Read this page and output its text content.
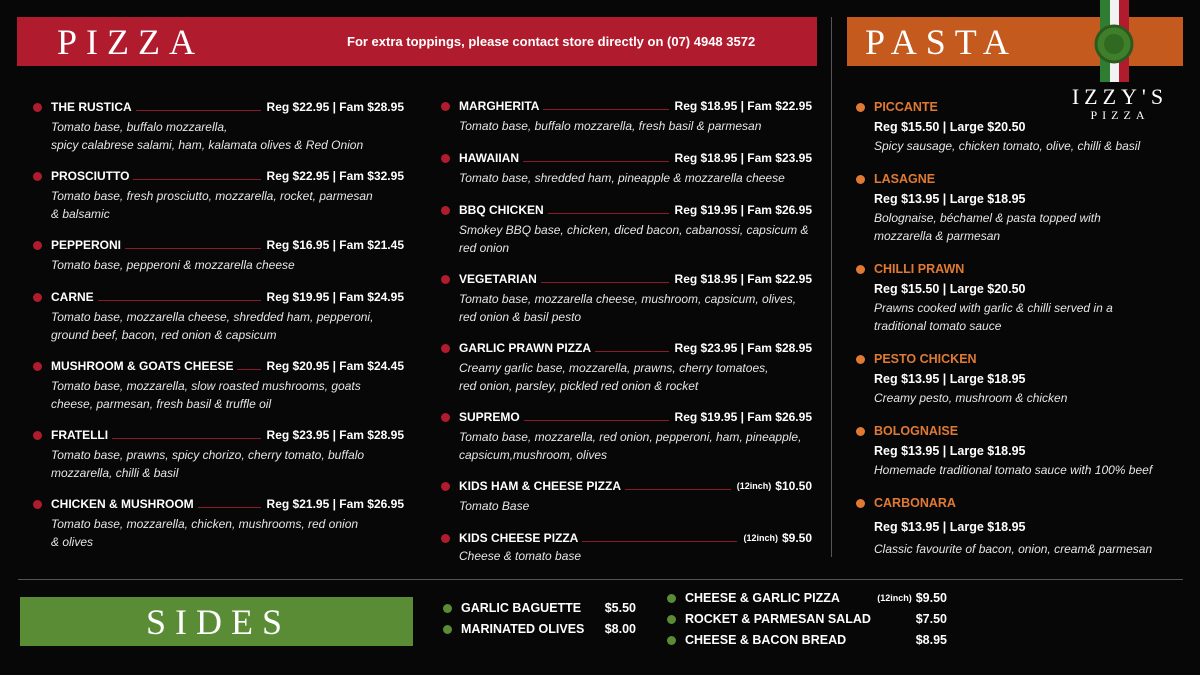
PIZZA	For extra toppings, please contact store directly on (07) 4948 3572	PASTA
IZZY'S
PIZZA
THE RUSTICA	Reg $22.95 | Fam $28.95
Tomato base, buffalo mozzarella,
spicy calabrese salami, ham, kalamata olives & Red Onion
PROSCIUTTO	Reg $22.95 | Fam $32.95
Tomato base, fresh prosciutto, mozzarella, rocket, parmesan
& balsamic
PEPPERONI	Reg $16.95 | Fam $21.45
Tomato base, pepperoni & mozzarella cheese
CARNE	Reg $19.95 | Fam $24.95
Tomato base, mozzarella cheese, shredded ham, pepperoni,
ground beef, bacon, red onion & capsicum
MUSHROOM & GOATS CHEESE	Reg $20.95 | Fam $24.45
Tomato base, mozzarella, slow roasted mushrooms, goats
cheese, parmesan, fresh basil & truffle oil
FRATELLI	Reg $23.95 | Fam $28.95
Tomato base, prawns, spicy chorizo, cherry tomato, buffalo
mozzarella, chilli & basil
CHICKEN & MUSHROOM	Reg $21.95 | Fam $26.95
Tomato base, mozzarella, chicken, mushrooms, red onion
& olives
MARGHERITA	Reg $18.95 | Fam $22.95
Tomato base, buffalo mozzarella, fresh basil & parmesan
HAWAIIAN	Reg $18.95 | Fam $23.95
Tomato base, shredded ham, pineapple & mozzarella cheese
BBQ CHICKEN	Reg $19.95 | Fam $26.95
Smokey BBQ base, chicken, diced bacon, cabanossi, capsicum &
red onion
VEGETARIAN	Reg $18.95 | Fam $22.95
Tomato base, mozzarella cheese, mushroom, capsicum, olives,
red onion & basil pesto
GARLIC PRAWN PIZZA	Reg $23.95 | Fam $28.95
Creamy garlic base, mozzarella, prawns, cherry tomatoes,
red onion, parsley, pickled red onion & rocket
SUPREMO	Reg $19.95 | Fam $26.95
Tomato base, mozzarella, red onion, pepperoni, ham, pineapple,
capsicum,mushroom, olives
KIDS HAM & CHEESE PIZZA	(12inch) $10.50
Tomato Base
KIDS CHEESE PIZZA	(12inch) $9.50
Cheese & tomato base
PICCANTE
Reg $15.50 | Large $20.50
Spicy sausage, chicken tomato, olive, chilli & basil
LASAGNE
Reg $13.95 | Large $18.95
Bolognaise, béchamel & pasta topped with
mozzarella & parmesan
CHILLI PRAWN
Reg $15.50 | Large $20.50
Prawns cooked with garlic & chilli served in a
traditional tomato sauce
PESTO CHICKEN
Reg $13.95 | Large $18.95
Creamy pesto, mushroom & chicken
BOLOGNAISE
Reg $13.95 | Large $18.95
Homemade traditional tomato sauce with 100% beef
CARBONARA
Reg $13.95 | Large $18.95
Classic favourite of bacon, onion, cream& parmesan
SIDES	GARLIC BAGUETTE $5.50
MARINATED OLIVES $8.00
CHEESE & GARLIC PIZZA	(12inch) $9.50
ROCKET & PARMESAN SALAD	$7.50
CHEESE & BACON BREAD	$8.95
